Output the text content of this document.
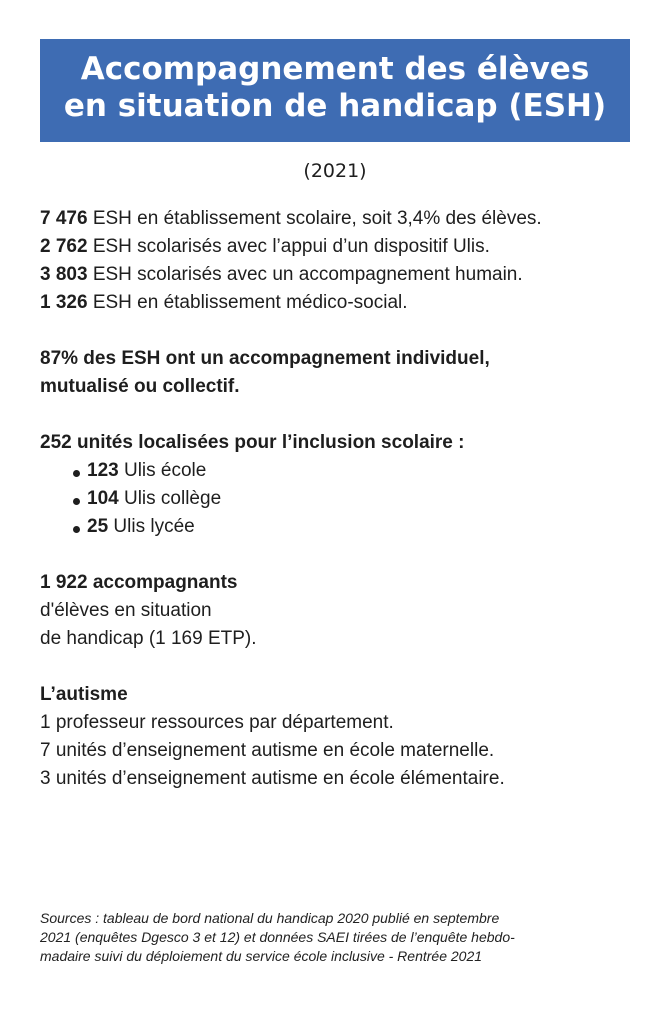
Accompagnement des élèves
en situation de handicap (ESH)
(2021)
7 476 ESH en établissement scolaire, soit 3,4% des élèves.
2 762 ESH scolarisés avec l’appui d’un dispositif Ulis.
3 803 ESH scolarisés avec un accompagnement humain.
1 326 ESH en établissement médico-social.
87% des ESH ont un accompagnement individuel,
mutualisé ou collectif.
252 unités localisées pour l’inclusion scolaire :
123 Ulis école
104 Ulis collège
25 Ulis lycée
1 922 accompagnants
d'élèves en situation
de handicap (1 169 ETP).
L’autisme
1 professeur ressources par département.
7 unités d’enseignement autisme en école maternelle.
3 unités d’enseignement autisme en école élémentaire.
Sources : tableau de bord national du handicap 2020 publié en septembre
2021 (enquêtes Dgesco 3 et 12) et données SAEI tirées de l’enquête hebdo-
madaire suivi du déploiement du service école inclusive - Rentrée 2021
